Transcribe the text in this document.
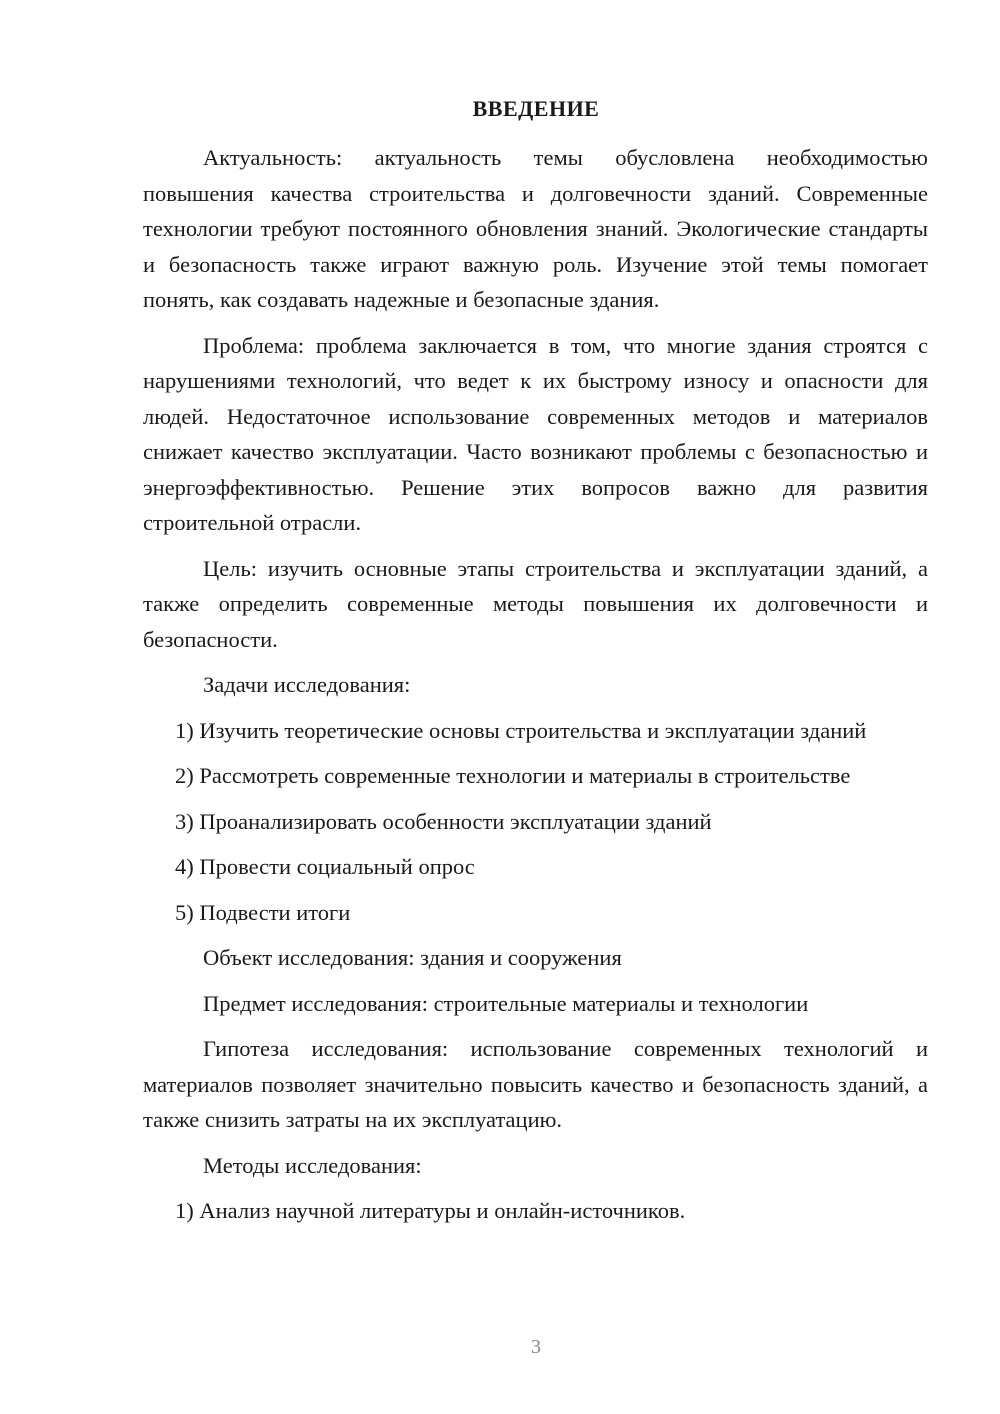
ВВЕДЕНИЕ

Актуальность: актуальность темы обусловлена необходимостью повышения качества строительства и долговечности зданий. Современные технологии требуют постоянного обновления знаний. Экологические стандарты и безопасность также играют важную роль. Изучение этой темы помогает понять, как создавать надежные и безопасные здания.

Проблема: проблема заключается в том, что многие здания строятся с нарушениями технологий, что ведет к их быстрому износу и опасности для людей. Недостаточное использование современных методов и материалов снижает качество эксплуатации. Часто возникают проблемы с безопасностью и энергоэффективностью. Решение этих вопросов важно для развития строительной отрасли.

Цель: изучить основные этапы строительства и эксплуатации зданий, а также определить современные методы повышения их долговечности и безопасности.

Задачи исследования:

1) Изучить теоретические основы строительства и эксплуатации зданий

2) Рассмотреть современные технологии и материалы в строительстве

3) Проанализировать особенности эксплуатации зданий

4) Провести социальный опрос

5) Подвести итоги

Объект исследования: здания и сооружения

Предмет исследования: строительные материалы и технологии

Гипотеза исследования: использование современных технологий и материалов позволяет значительно повысить качество и безопасность зданий, а также снизить затраты на их эксплуатацию.

Методы исследования:

1) Анализ научной литературы и онлайн-источников.

3
